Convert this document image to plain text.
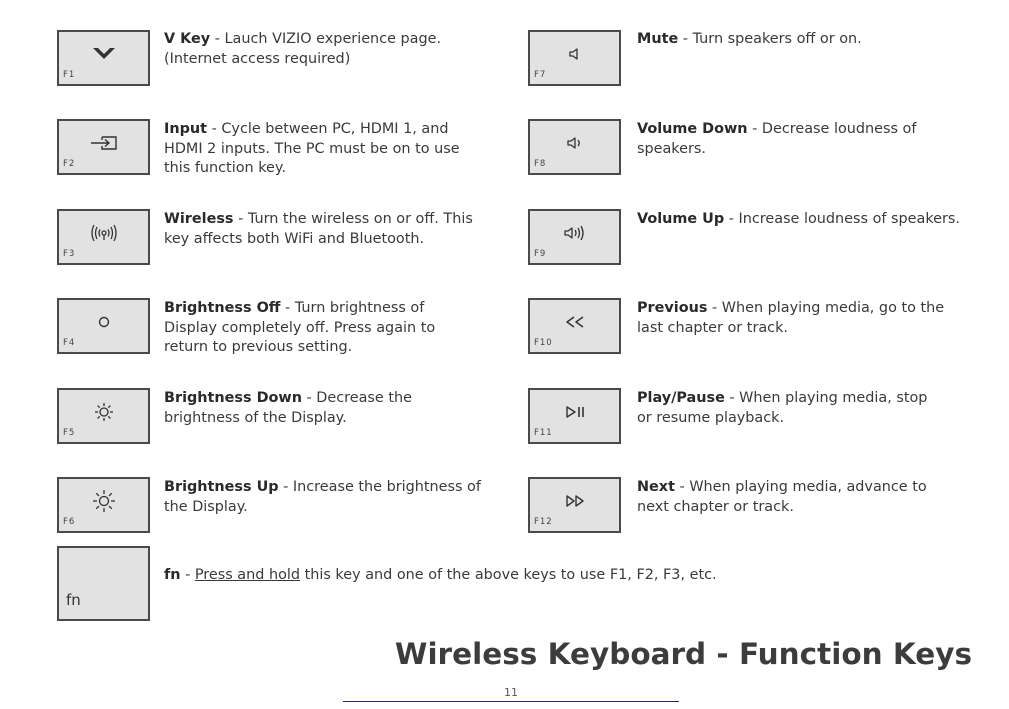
F1
V Key - Lauch VIZIO experience page. (Internet access required)
F2
Input - Cycle between PC, HDMI 1, and HDMI 2 inputs. The PC must be on to use this function key.
F3
Wireless - Turn the wireless on or off. This key affects both WiFi and Bluetooth.
F4
Brightness Off - Turn brightness of Display completely off. Press again to return to previous setting.
F5
Brightness Down - Decrease the brightness of the Display.
F6
Brightness Up - Increase the brightness of the Display.
F7
Mute - Turn speakers off or on.
F8
Volume Down - Decrease loudness of speakers.
F9
Volume Up - Increase loudness of speakers.
F10
Previous - When playing media, go to the last chapter or track.
F11
Play/Pause - When playing media, stop or resume playback.
F12
Next - When playing media, advance to next chapter or track.
fn
fn - Press and hold this key and one of the above keys to use F1, F2, F3, etc.
Wireless Keyboard - Function Keys
11
